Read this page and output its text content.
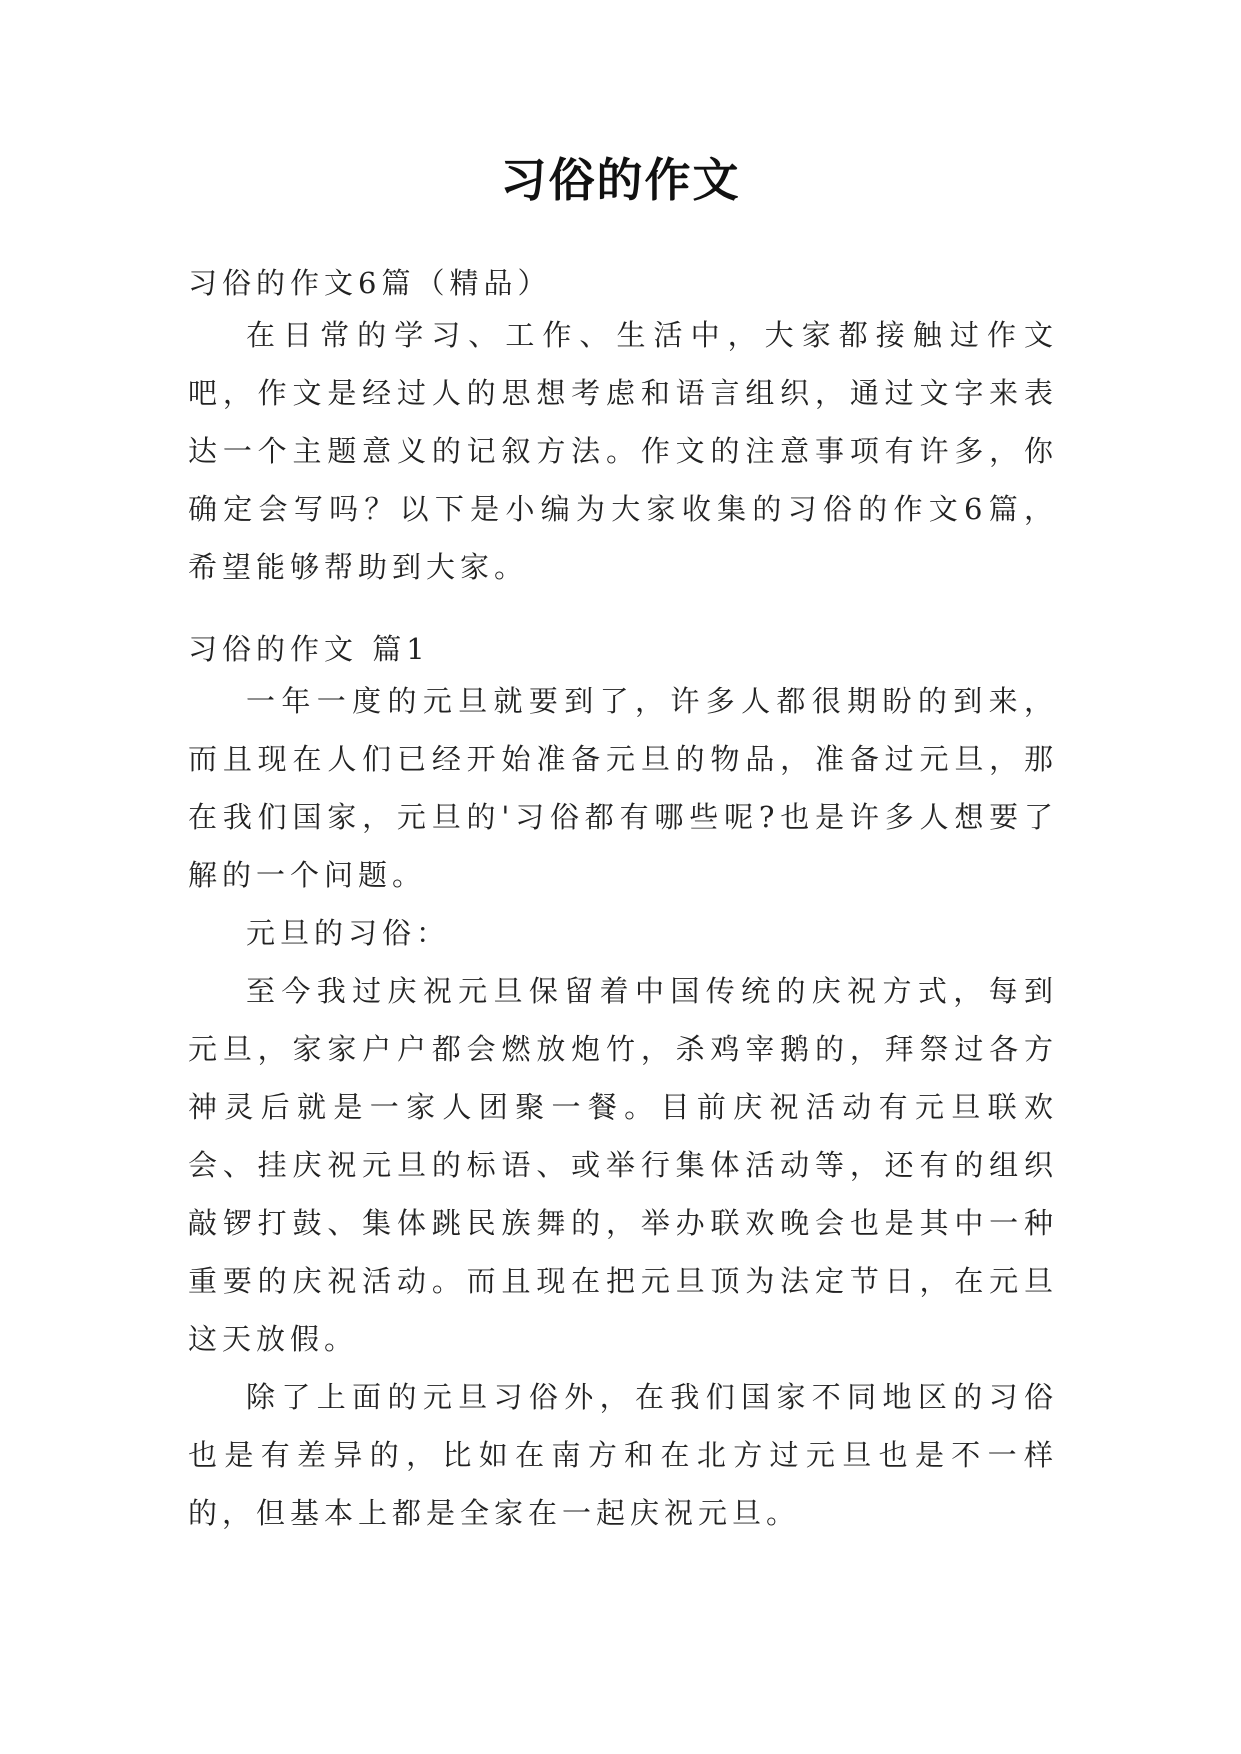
习俗的作文
习俗的作文6篇（精品）

在日常的学习、工作、生活中，大家都接触过作文吧，作文是经过人的思想考虑和语言组织，通过文字来表达一个主题意义的记叙方法。作文的注意事项有许多，你确定会写吗？以下是小编为大家收集的习俗的作文6篇，希望能够帮助到大家。

习俗的作文 篇1

一年一度的元旦就要到了，许多人都很期盼的到来，而且现在人们已经开始准备元旦的物品，准备过元旦，那在我们国家，元旦的'习俗都有哪些呢?也是许多人想要了解的一个问题。

元旦的习俗：

至今我过庆祝元旦保留着中国传统的庆祝方式，每到元旦，家家户户都会燃放炮竹，杀鸡宰鹅的，拜祭过各方神灵后就是一家人团聚一餐。目前庆祝活动有元旦联欢会、挂庆祝元旦的标语、或举行集体活动等，还有的组织敲锣打鼓、集体跳民族舞的，举办联欢晚会也是其中一种重要的庆祝活动。而且现在把元旦顶为法定节日，在元旦这天放假。

除了上面的元旦习俗外，在我们国家不同地区的习俗也是有差异的，比如在南方和在北方过元旦也是不一样的，但基本上都是全家在一起庆祝元旦。
